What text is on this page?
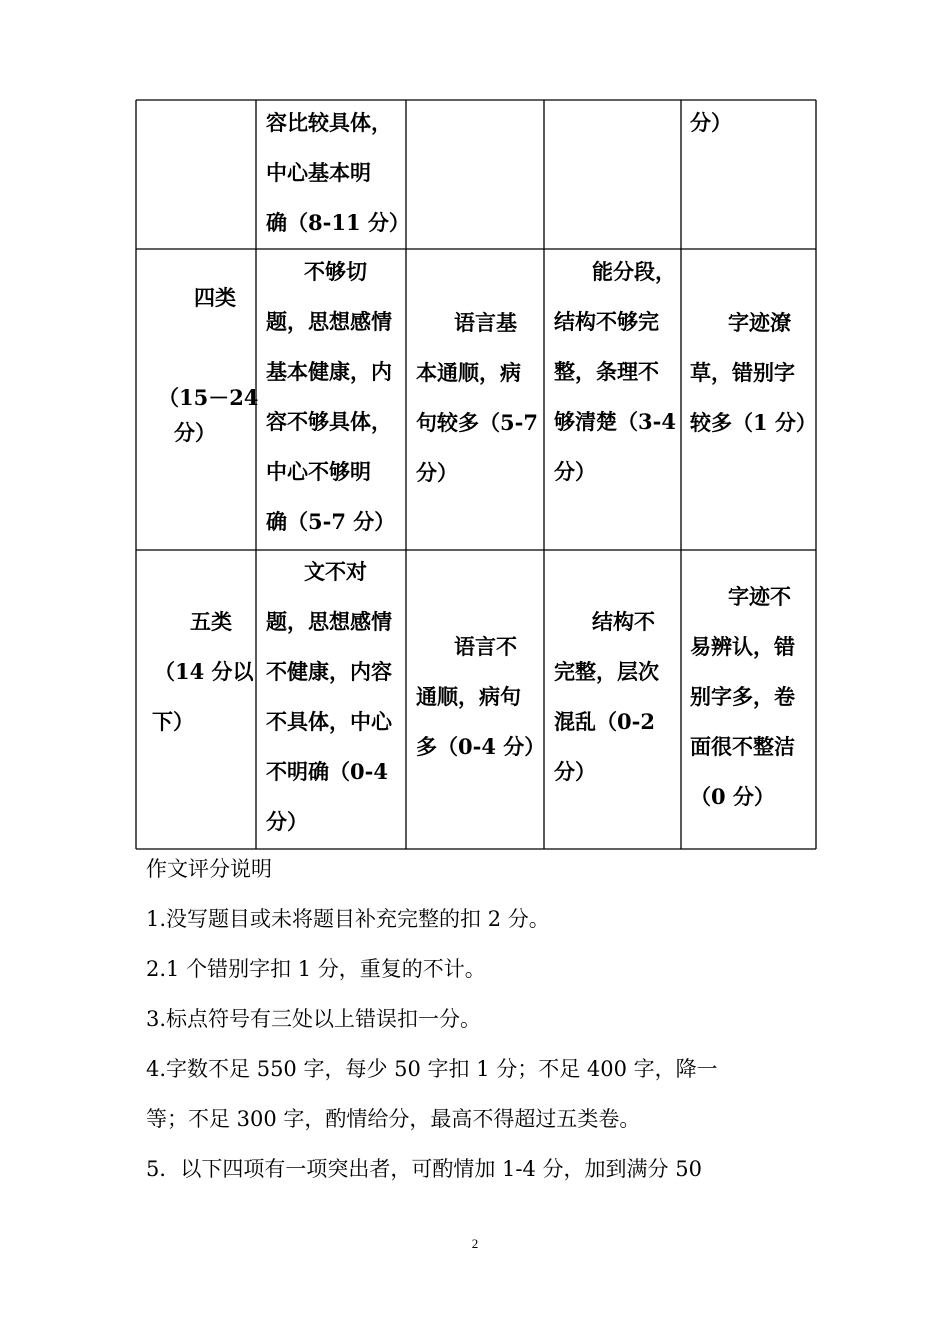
容比较具体，
中心基本明
确（8-11 分）
分）
四类
（15－24
分）
不够切
题，思想感情
基本健康，内
容不够具体，
中心不够明
确（5-7 分）
语言基
本通顺，病
句较多（5-7
分）
能分段，
结构不够完
整，条理不
够清楚（3-4
分）
字迹潦
草，错别字
较多（1 分）
五类
（14 分以
下）
文不对
题，思想感情
不健康，内容
不具体，中心
不明确（0-4
分）
语言不
通顺，病句
多（0-4 分）
结构不
完整，层次
混乱（0-2
分）
字迹不
易辨认，错
别字多，卷
面很不整洁
（0 分）
作文评分说明
1.没写题目或未将题目补充完整的扣 2 分。
2.1 个错别字扣 1 分，重复的不计。
3.标点符号有三处以上错误扣一分。
4.字数不足 550 字，每少 50 字扣 1 分；不足 400 字，降一
等；不足 300 字，酌情给分，最高不得超过五类卷。
5．以下四项有一项突出者，可酌情加 1-4 分，加到满分 50
2
